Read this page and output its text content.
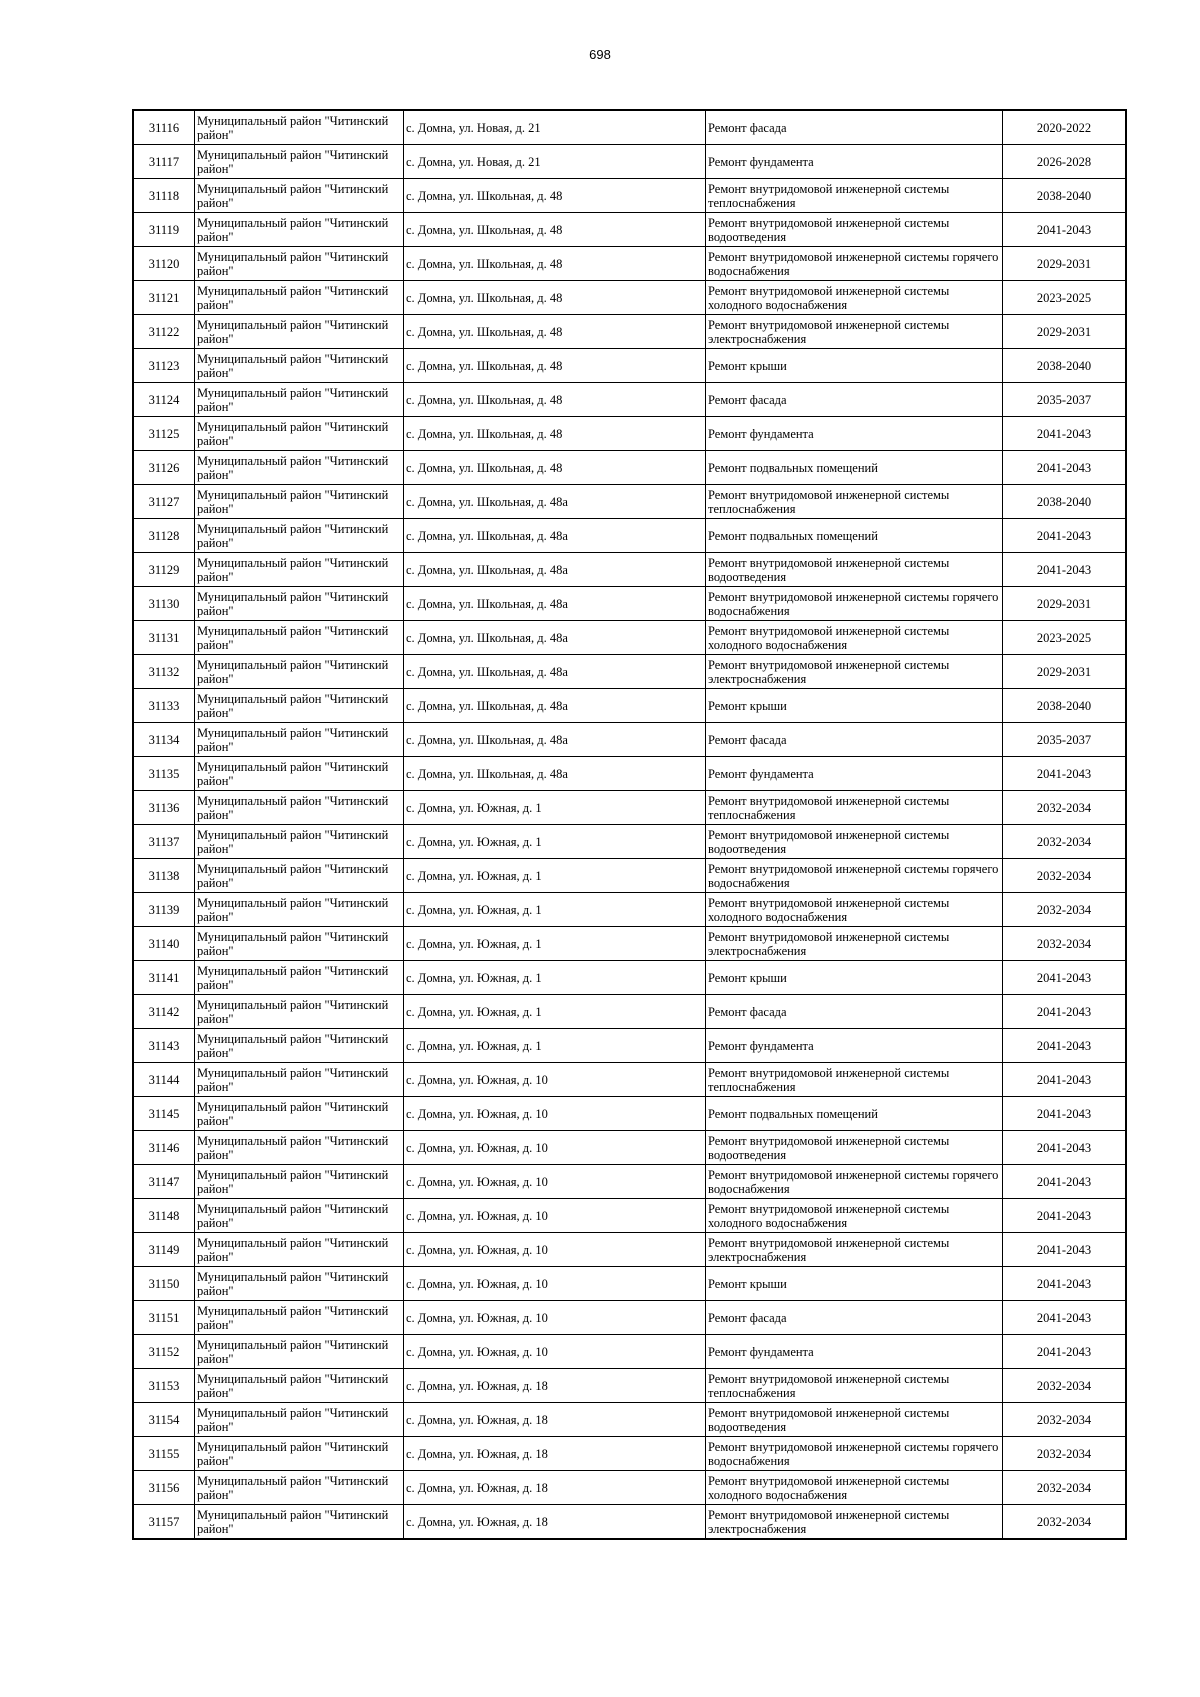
698
31116	Муниципальный район "Читинский район"	с. Домна, ул. Новая, д. 21	Ремонт фасада	2020-2022
31117	Муниципальный район "Читинский район"	с. Домна, ул. Новая, д. 21	Ремонт фундамента	2026-2028
31118	Муниципальный район "Читинский район"	с. Домна, ул. Школьная, д. 48	Ремонт внутридомовой инженерной системы теплоснабжения	2038-2040
31119	Муниципальный район "Читинский район"	с. Домна, ул. Школьная, д. 48	Ремонт внутридомовой инженерной системы водоотведения	2041-2043
31120	Муниципальный район "Читинский район"	с. Домна, ул. Школьная, д. 48	Ремонт внутридомовой инженерной системы горячего водоснабжения	2029-2031
31121	Муниципальный район "Читинский район"	с. Домна, ул. Школьная, д. 48	Ремонт внутридомовой инженерной системы холодного водоснабжения	2023-2025
31122	Муниципальный район "Читинский район"	с. Домна, ул. Школьная, д. 48	Ремонт внутридомовой инженерной системы электроснабжения	2029-2031
31123	Муниципальный район "Читинский район"	с. Домна, ул. Школьная, д. 48	Ремонт крыши	2038-2040
31124	Муниципальный район "Читинский район"	с. Домна, ул. Школьная, д. 48	Ремонт фасада	2035-2037
31125	Муниципальный район "Читинский район"	с. Домна, ул. Школьная, д. 48	Ремонт фундамента	2041-2043
31126	Муниципальный район "Читинский район"	с. Домна, ул. Школьная, д. 48	Ремонт подвальных помещений	2041-2043
31127	Муниципальный район "Читинский район"	с. Домна, ул. Школьная, д. 48а	Ремонт внутридомовой инженерной системы теплоснабжения	2038-2040
31128	Муниципальный район "Читинский район"	с. Домна, ул. Школьная, д. 48а	Ремонт подвальных помещений	2041-2043
31129	Муниципальный район "Читинский район"	с. Домна, ул. Школьная, д. 48а	Ремонт внутридомовой инженерной системы водоотведения	2041-2043
31130	Муниципальный район "Читинский район"	с. Домна, ул. Школьная, д. 48а	Ремонт внутридомовой инженерной системы горячего водоснабжения	2029-2031
31131	Муниципальный район "Читинский район"	с. Домна, ул. Школьная, д. 48а	Ремонт внутридомовой инженерной системы холодного водоснабжения	2023-2025
31132	Муниципальный район "Читинский район"	с. Домна, ул. Школьная, д. 48а	Ремонт внутридомовой инженерной системы электроснабжения	2029-2031
31133	Муниципальный район "Читинский район"	с. Домна, ул. Школьная, д. 48а	Ремонт крыши	2038-2040
31134	Муниципальный район "Читинский район"	с. Домна, ул. Школьная, д. 48а	Ремонт фасада	2035-2037
31135	Муниципальный район "Читинский район"	с. Домна, ул. Школьная, д. 48а	Ремонт фундамента	2041-2043
31136	Муниципальный район "Читинский район"	с. Домна, ул. Южная, д. 1	Ремонт внутридомовой инженерной системы теплоснабжения	2032-2034
31137	Муниципальный район "Читинский район"	с. Домна, ул. Южная, д. 1	Ремонт внутридомовой инженерной системы водоотведения	2032-2034
31138	Муниципальный район "Читинский район"	с. Домна, ул. Южная, д. 1	Ремонт внутридомовой инженерной системы горячего водоснабжения	2032-2034
31139	Муниципальный район "Читинский район"	с. Домна, ул. Южная, д. 1	Ремонт внутридомовой инженерной системы холодного водоснабжения	2032-2034
31140	Муниципальный район "Читинский район"	с. Домна, ул. Южная, д. 1	Ремонт внутридомовой инженерной системы электроснабжения	2032-2034
31141	Муниципальный район "Читинский район"	с. Домна, ул. Южная, д. 1	Ремонт крыши	2041-2043
31142	Муниципальный район "Читинский район"	с. Домна, ул. Южная, д. 1	Ремонт фасада	2041-2043
31143	Муниципальный район "Читинский район"	с. Домна, ул. Южная, д. 1	Ремонт фундамента	2041-2043
31144	Муниципальный район "Читинский район"	с. Домна, ул. Южная, д. 10	Ремонт внутридомовой инженерной системы теплоснабжения	2041-2043
31145	Муниципальный район "Читинский район"	с. Домна, ул. Южная, д. 10	Ремонт подвальных помещений	2041-2043
31146	Муниципальный район "Читинский район"	с. Домна, ул. Южная, д. 10	Ремонт внутридомовой инженерной системы водоотведения	2041-2043
31147	Муниципальный район "Читинский район"	с. Домна, ул. Южная, д. 10	Ремонт внутридомовой инженерной системы горячего водоснабжения	2041-2043
31148	Муниципальный район "Читинский район"	с. Домна, ул. Южная, д. 10	Ремонт внутридомовой инженерной системы холодного водоснабжения	2041-2043
31149	Муниципальный район "Читинский район"	с. Домна, ул. Южная, д. 10	Ремонт внутридомовой инженерной системы электроснабжения	2041-2043
31150	Муниципальный район "Читинский район"	с. Домна, ул. Южная, д. 10	Ремонт крыши	2041-2043
31151	Муниципальный район "Читинский район"	с. Домна, ул. Южная, д. 10	Ремонт фасада	2041-2043
31152	Муниципальный район "Читинский район"	с. Домна, ул. Южная, д. 10	Ремонт фундамента	2041-2043
31153	Муниципальный район "Читинский район"	с. Домна, ул. Южная, д. 18	Ремонт внутридомовой инженерной системы теплоснабжения	2032-2034
31154	Муниципальный район "Читинский район"	с. Домна, ул. Южная, д. 18	Ремонт внутридомовой инженерной системы водоотведения	2032-2034
31155	Муниципальный район "Читинский район"	с. Домна, ул. Южная, д. 18	Ремонт внутридомовой инженерной системы горячего водоснабжения	2032-2034
31156	Муниципальный район "Читинский район"	с. Домна, ул. Южная, д. 18	Ремонт внутридомовой инженерной системы холодного водоснабжения	2032-2034
31157	Муниципальный район "Читинский район"	с. Домна, ул. Южная, д. 18	Ремонт внутридомовой инженерной системы электроснабжения	2032-2034
